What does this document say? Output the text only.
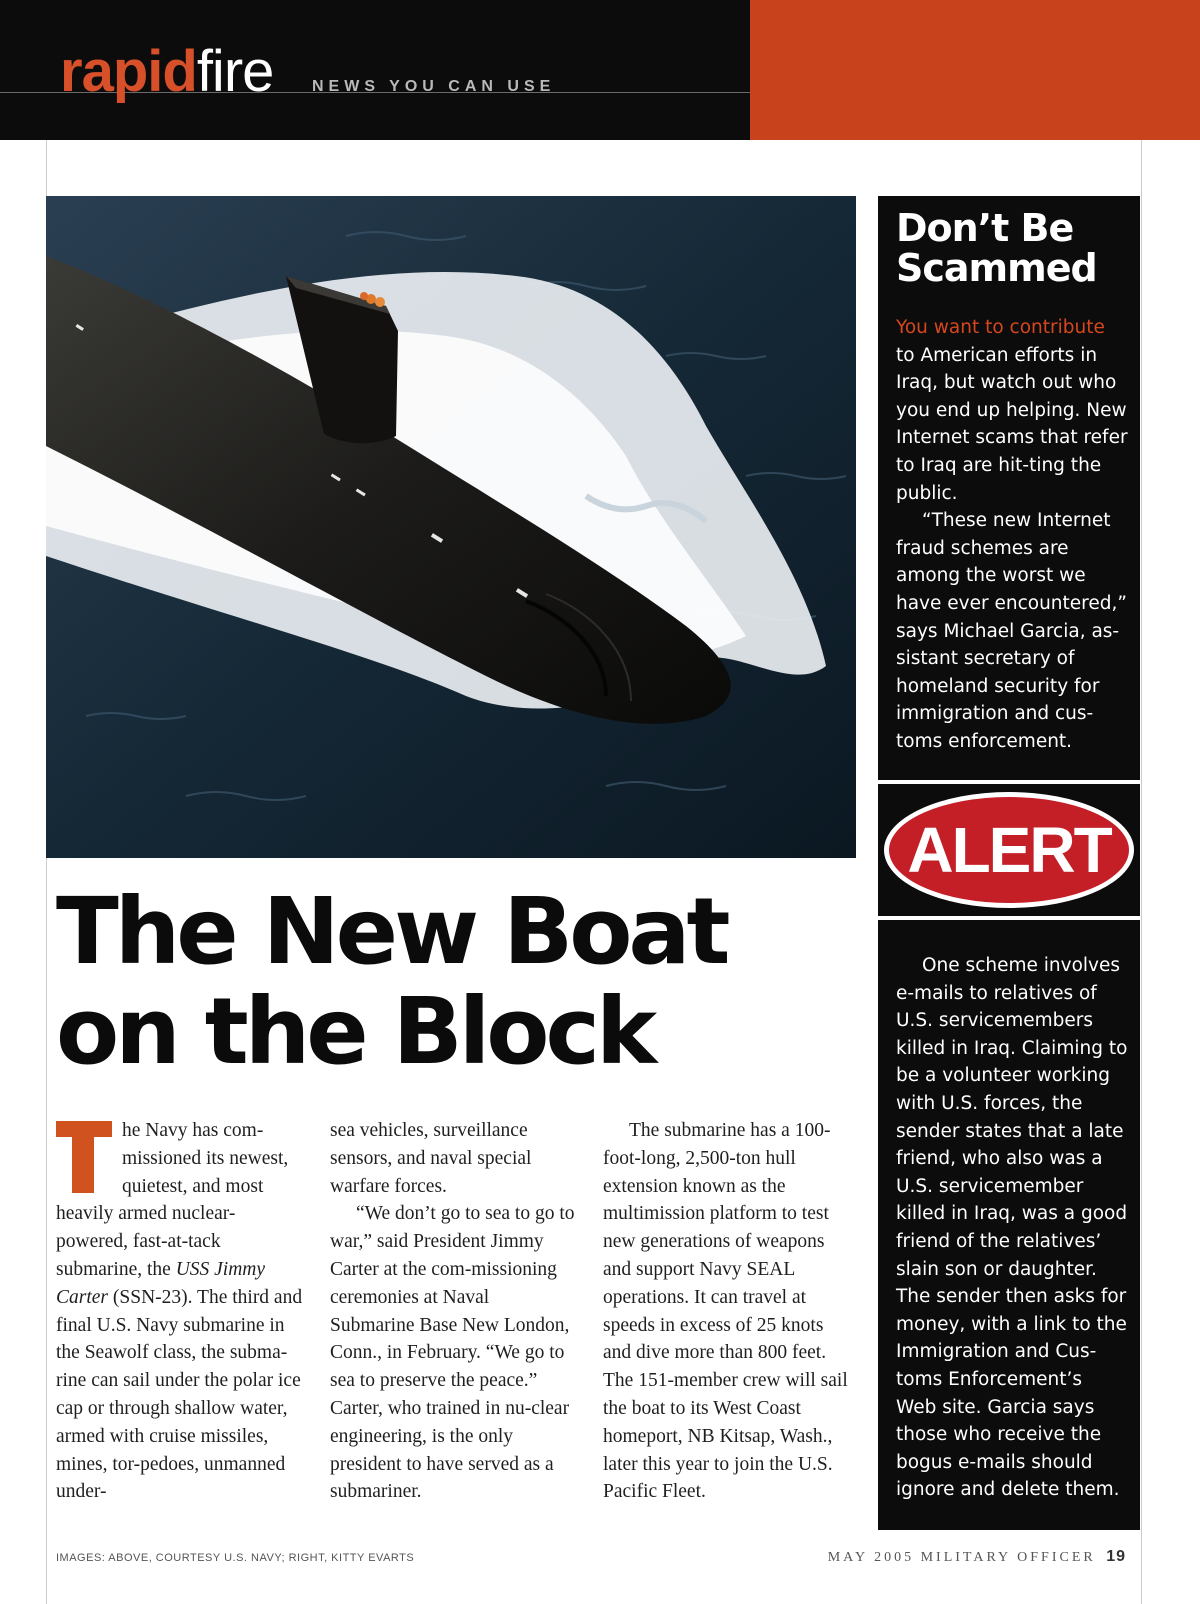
rapidfire NEWS YOU CAN USE
The New Boat
on the Block

he Navy has com-missioned its newest, quietest, and most heavily armed nuclear-powered, fast-at-tack submarine, the USS Jimmy Carter (SSN-23). The third and final U.S. Navy submarine in the Seawolf class, the subma-rine can sail under the polar ice cap or through shallow water, armed with cruise missiles, mines, tor-pedoes, unmanned under-

sea vehicles, surveillance sensors, and naval special warfare forces.

“We don’t go to sea to go to war,” said President Jimmy Carter at the com-missioning ceremonies at Naval Submarine Base New London, Conn., in February. “We go to sea to preserve the peace.” Carter, who trained in nu-clear engineering, is the only president to have served as a submariner.

The submarine has a 100-foot-long, 2,500-ton hull extension known as the multimission platform to test new generations of weapons and support Navy SEAL operations. It can travel at speeds in excess of 25 knots and dive more than 800 feet. The 151-member crew will sail the boat to its West Coast homeport, NB Kitsap, Wash., later this year to join the U.S. Pacific Fleet.

Don’t Be Scammed

You want to contribute to American efforts in Iraq, but watch out who you end up helping. New Internet scams that refer to Iraq are hit-ting the public.

“These new Internet fraud schemes are among the worst we have ever encountered,” says Michael Garcia, as-sistant secretary of homeland security for immigration and cus-toms enforcement.

ALERT

One scheme involves e-mails to relatives of U.S. servicemembers killed in Iraq. Claiming to be a volunteer working with U.S. forces, the sender states that a late friend, who also was a U.S. servicemember killed in Iraq, was a good friend of the relatives’ slain son or daughter. The sender then asks for money, with a link to the Immigration and Cus-toms Enforcement’s Web site. Garcia says those who receive the bogus e-mails should ignore and delete them.

IMAGES: ABOVE, COURTESY U.S. NAVY; RIGHT, KITTY EVARTS	MAY 2005 MILITARY OFFICER 19
